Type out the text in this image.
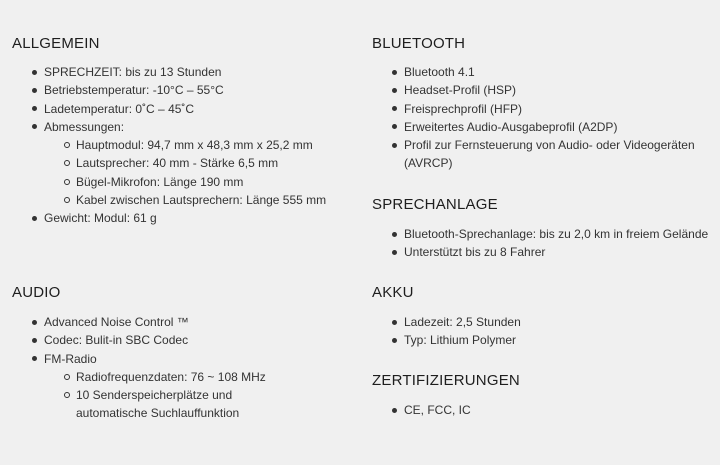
ALLGEMEIN
SPRECHZEIT: bis zu 13 Stunden
Betriebstemperatur: -10°C – 55°C
Ladetemperatur: 0˚C – 45˚C
Abmessungen:
Hauptmodul: 94,7 mm x 48,3 mm x 25,2 mm
Lautsprecher: 40 mm - Stärke 6,5 mm
Bügel-Mikrofon: Länge 190 mm
Kabel zwischen Lautsprechern: Länge 555 mm
Gewicht: Modul: 61 g
AUDIO
Advanced Noise Control ™
Codec: Bulit-in SBC Codec
FM-Radio
Radiofrequenzdaten: 76 ~ 108 MHz
10 Senderspeicherplätze und automatische Suchlauffunktion
BLUETOOTH
Bluetooth 4.1
Headset-Profil (HSP)
Freisprechprofil (HFP)
Erweitertes Audio-Ausgabeprofil (A2DP)
Profil zur Fernsteuerung von Audio- oder Videogeräten (AVRCP)
SPRECHANLAGE
Bluetooth-Sprechanlage: bis zu 2,0 km in freiem Gelände
Unterstützt bis zu 8 Fahrer
AKKU
Ladezeit: 2,5 Stunden
Typ: Lithium Polymer
ZERTIFIZIERUNGEN
CE, FCC, IC
